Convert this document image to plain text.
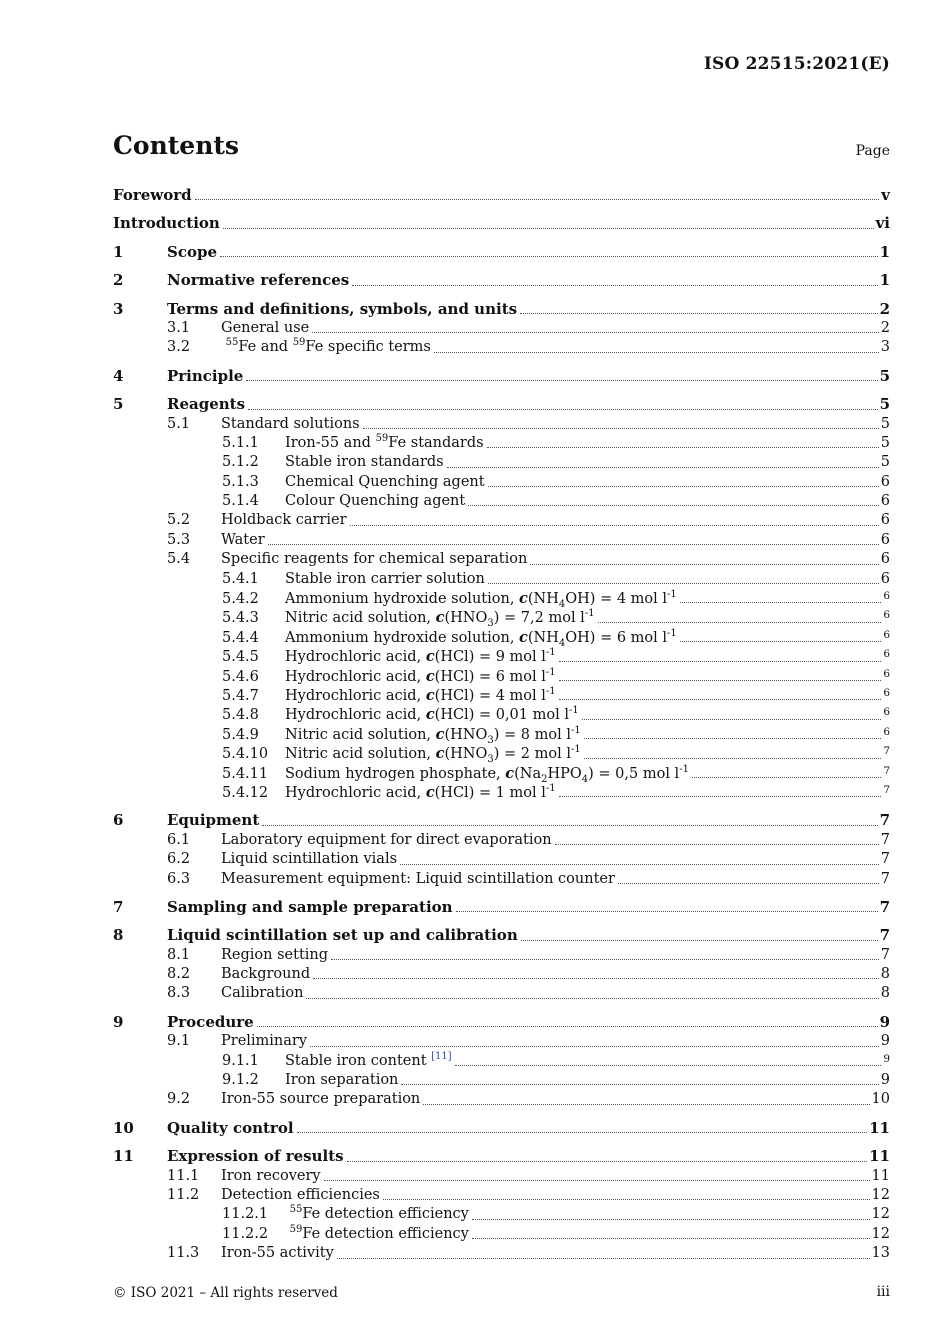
ISO 22515:2021(E)
Contents	Page
Foreword	v
Introduction	vi
1	Scope	1
2	Normative references	1
3	Terms and definitions, symbols, and units	2
3.1	General use	2
3.2	$^{55}$Fe and $^{59}$Fe specific terms	3
4	Principle	5
5	Reagents	5
5.1	Standard solutions	5
5.1.1	Iron-55 and $^{59}$Fe standards	5
5.1.2	Stable iron standards	5
5.1.3	Chemical Quenching agent	6
5.1.4	Colour Quenching agent	6
5.2	Holdback carrier	6
5.3	Water	6
5.4	Specific reagents for chemical separation	6
5.4.1	Stable iron carrier solution	6
5.4.2	Ammonium hydroxide solution, $c(NH_4OH) = 4$ mol $l^{-1}$	6
5.4.3	Nitric acid solution, $c(HNO_3) = 7,2$ mol $l^{-1}$	6
5.4.4	Ammonium hydroxide solution, $c(NH_4OH) = 6$ mol $l^{-1}$	6
5.4.5	Hydrochloric acid, c(HCl) = 9 mol $l^{-1}$	6
5.4.6	Hydrochloric acid, c(HCl) = 6 mol $l^{-1}$	6
5.4.7	Hydrochloric acid, c(HCl) = 4 mol $l^{-1}$	6
5.4.8	Hydrochloric acid, c(HCl) = 0,01 mol $l^{-1}$	6
5.4.9	Nitric acid solution, $c(HNO_3) = 8$ mol $l^{-1}$	6
5.4.10	Nitric acid solution, $c(HNO_3) = 2$ mol $l^{-1}$	7
5.4.11	Sodium hydrogen phosphate, $c(Na_2HPO_4) = 0,5$ mol $l^{-1}$	7
5.4.12	Hydrochloric acid, c(HCl) = 1 mol $l^{-1}$	7
6	Equipment	7
6.1	Laboratory equipment for direct evaporation	7
6.2	Liquid scintillation vials	7
6.3	Measurement equipment: Liquid scintillation counter	7
7	Sampling and sample preparation	7
8	Liquid scintillation set up and calibration	7
8.1	Region setting	7
8.2	Background	8
8.3	Calibration	8
9	Procedure	9
9.1	Preliminary	9
9.1.1	Stable iron content [11]	9
9.1.2	Iron separation	9
9.2	Iron-55 source preparation	10
10	Quality control	11
11	Expression of results	11
11.1	Iron recovery	11
11.2	Detection efficiencies	12
11.2.1	$^{55}$Fe detection efficiency	12
11.2.2	$^{59}$Fe detection efficiency	12
11.3	Iron-55 activity	13
© ISO 2021 – All rights reserved	iii
